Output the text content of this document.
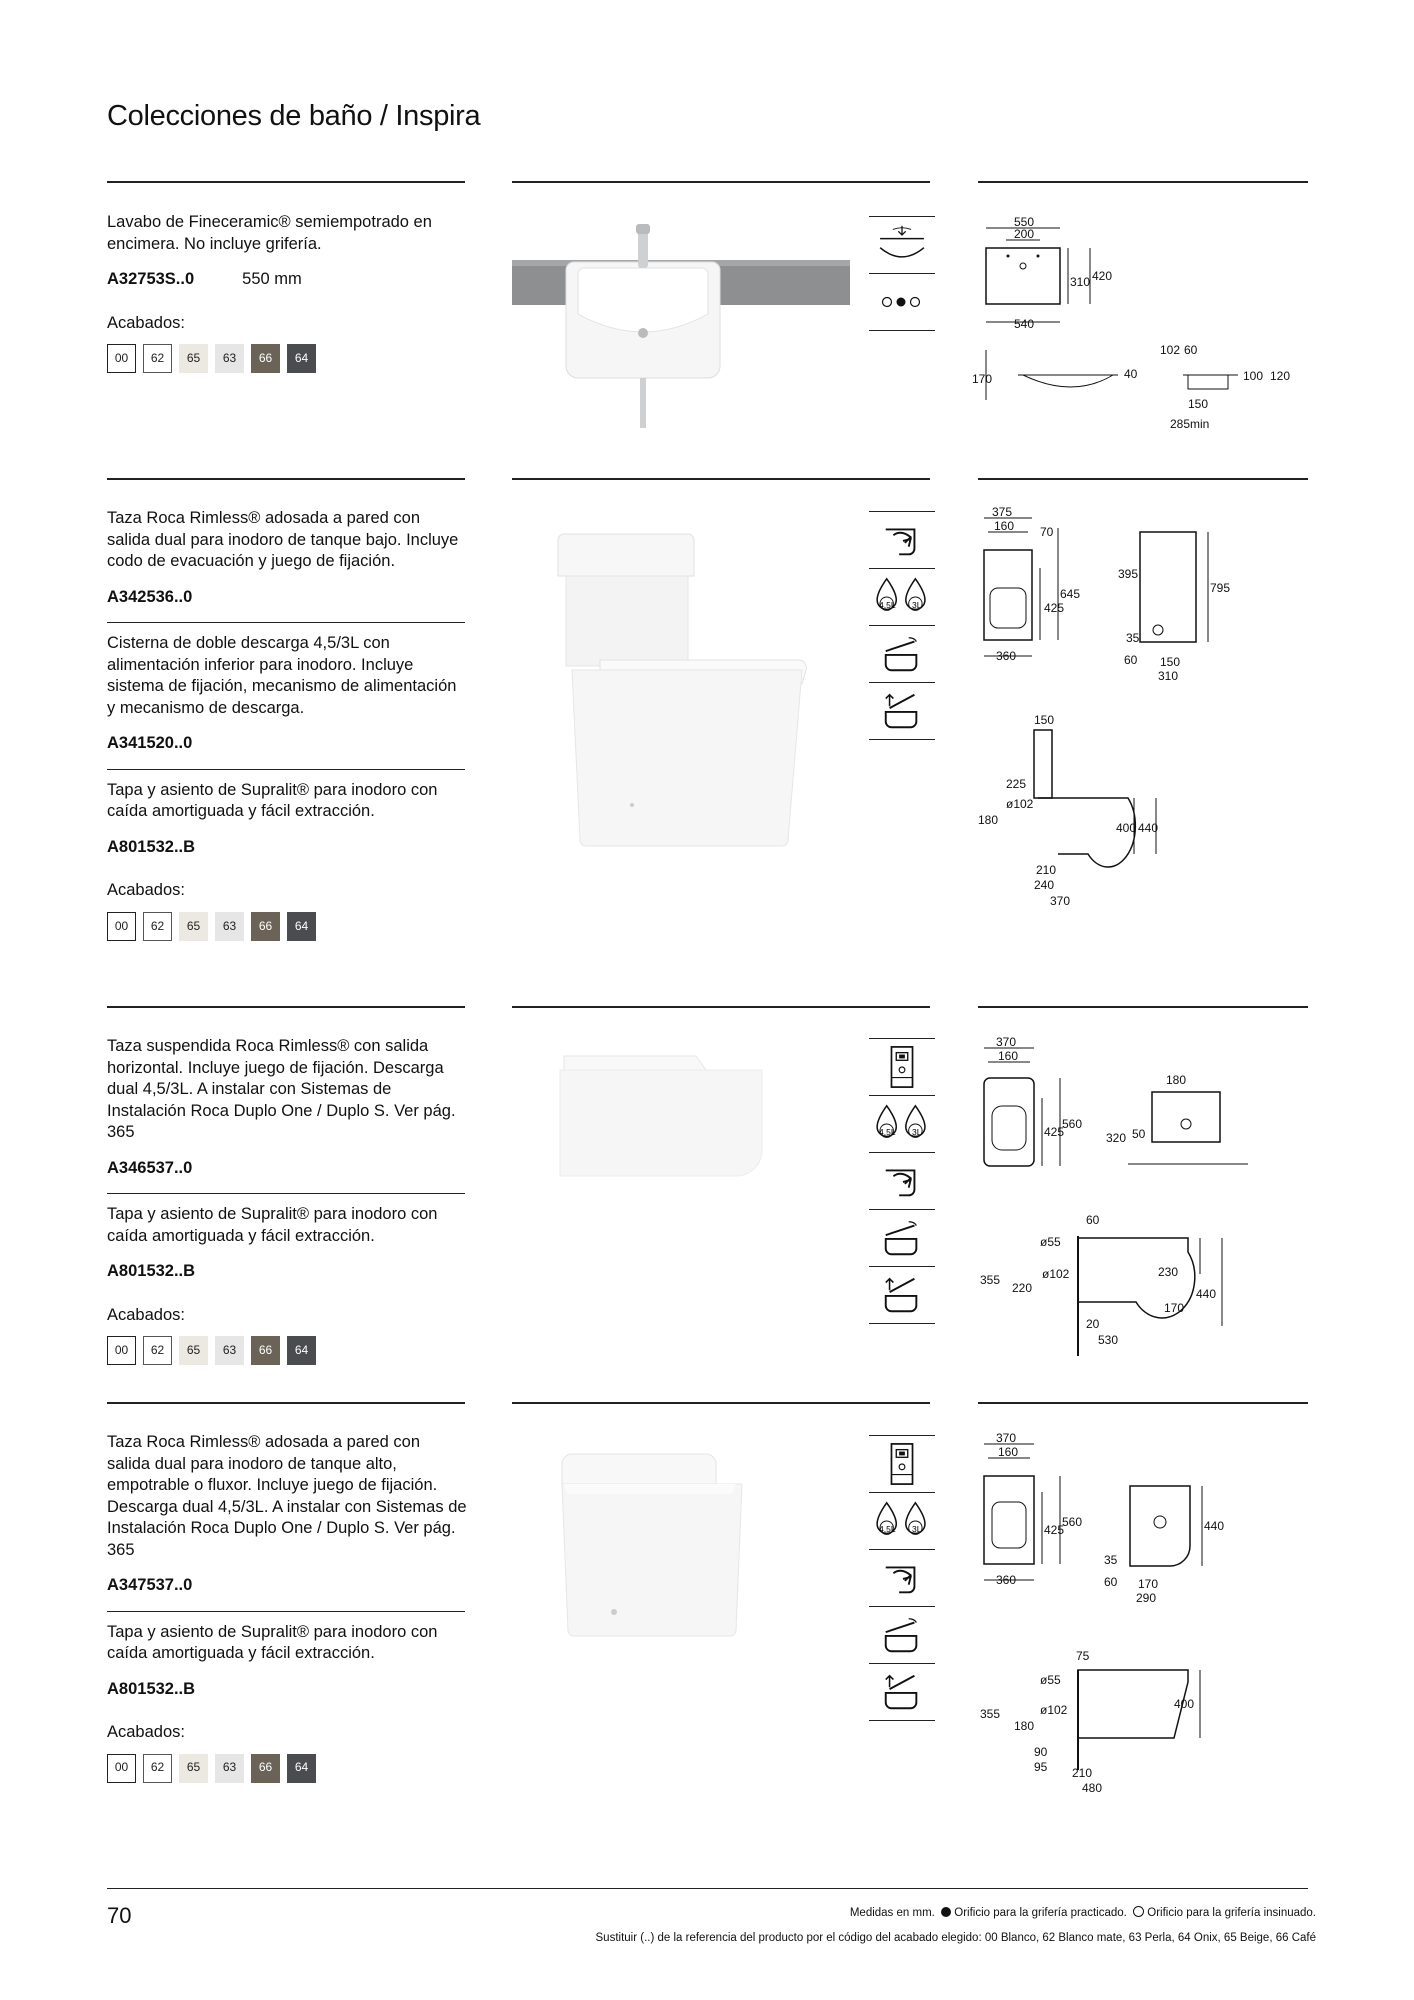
Colecciones de baño / Inspira
Lavabo de Fineceramic® semiempotrado en encimera. No incluye grifería.
A32753S..0	550 mm
Acabados:
00	62	65	63	66	64
550
200
310 420
540
170	40
102 60
100 120
150
285min
Taza Roca Rimless® adosada a pared con salida dual para inodoro de tanque bajo. Incluye codo de evacuación y juego de fijación.
A342536..0
Cisterna de doble descarga 4,5/3L con alimentación inferior para inodoro. Incluye sistema de fijación, mecanismo de alimentación y mecanismo de descarga.
A341520..0
Tapa y asiento de Supralit® para inodoro con caída amortiguada y fácil extracción.
A801532..B
Acabados:
00	62	65	63	66	64
4,5L 3L
375
160 70
645
425
360
395
795
35
60 150
310
150
225
ø102
180
400 440
210
240
370
Taza suspendida Roca Rimless® con salida horizontal. Incluye juego de fijación. Descarga dual 4,5/3L. A instalar con Sistemas de Instalación Roca Duplo One / Duplo S. Ver pág. 365
A346537..0
Tapa y asiento de Supralit® para inodoro con caída amortiguada y fácil extracción.
A801532..B
Acabados:
00	62	65	63	66	64
4,5L 3L
370
160
560
425
180
320 50
60
ø55
ø102
355
220
230
440
170
20
530
Taza Roca Rimless® adosada a pared con salida dual para inodoro de tanque alto, empotrable o fluxor. Incluye juego de fijación. Descarga dual 4,5/3L. A instalar con Sistemas de Instalación Roca Duplo One / Duplo S. Ver pág. 365
A347537..0
Tapa y asiento de Supralit® para inodoro con caída amortiguada y fácil extracción.
A801532..B
Acabados:
00	62	65	63	66	64
4,5L 3L
370
160
560
425
360
440
35
60 170
290
75
ø55
ø102
355
180
400
90
95 210
480
70	Medidas en mm. Orificio para la grifería practicado. Orificio para la grifería insinuado.
Sustituir (..) de la referencia del producto por el código del acabado elegido: 00 Blanco, 62 Blanco mate, 63 Perla, 64 Onix, 65 Beige, 66 Café
